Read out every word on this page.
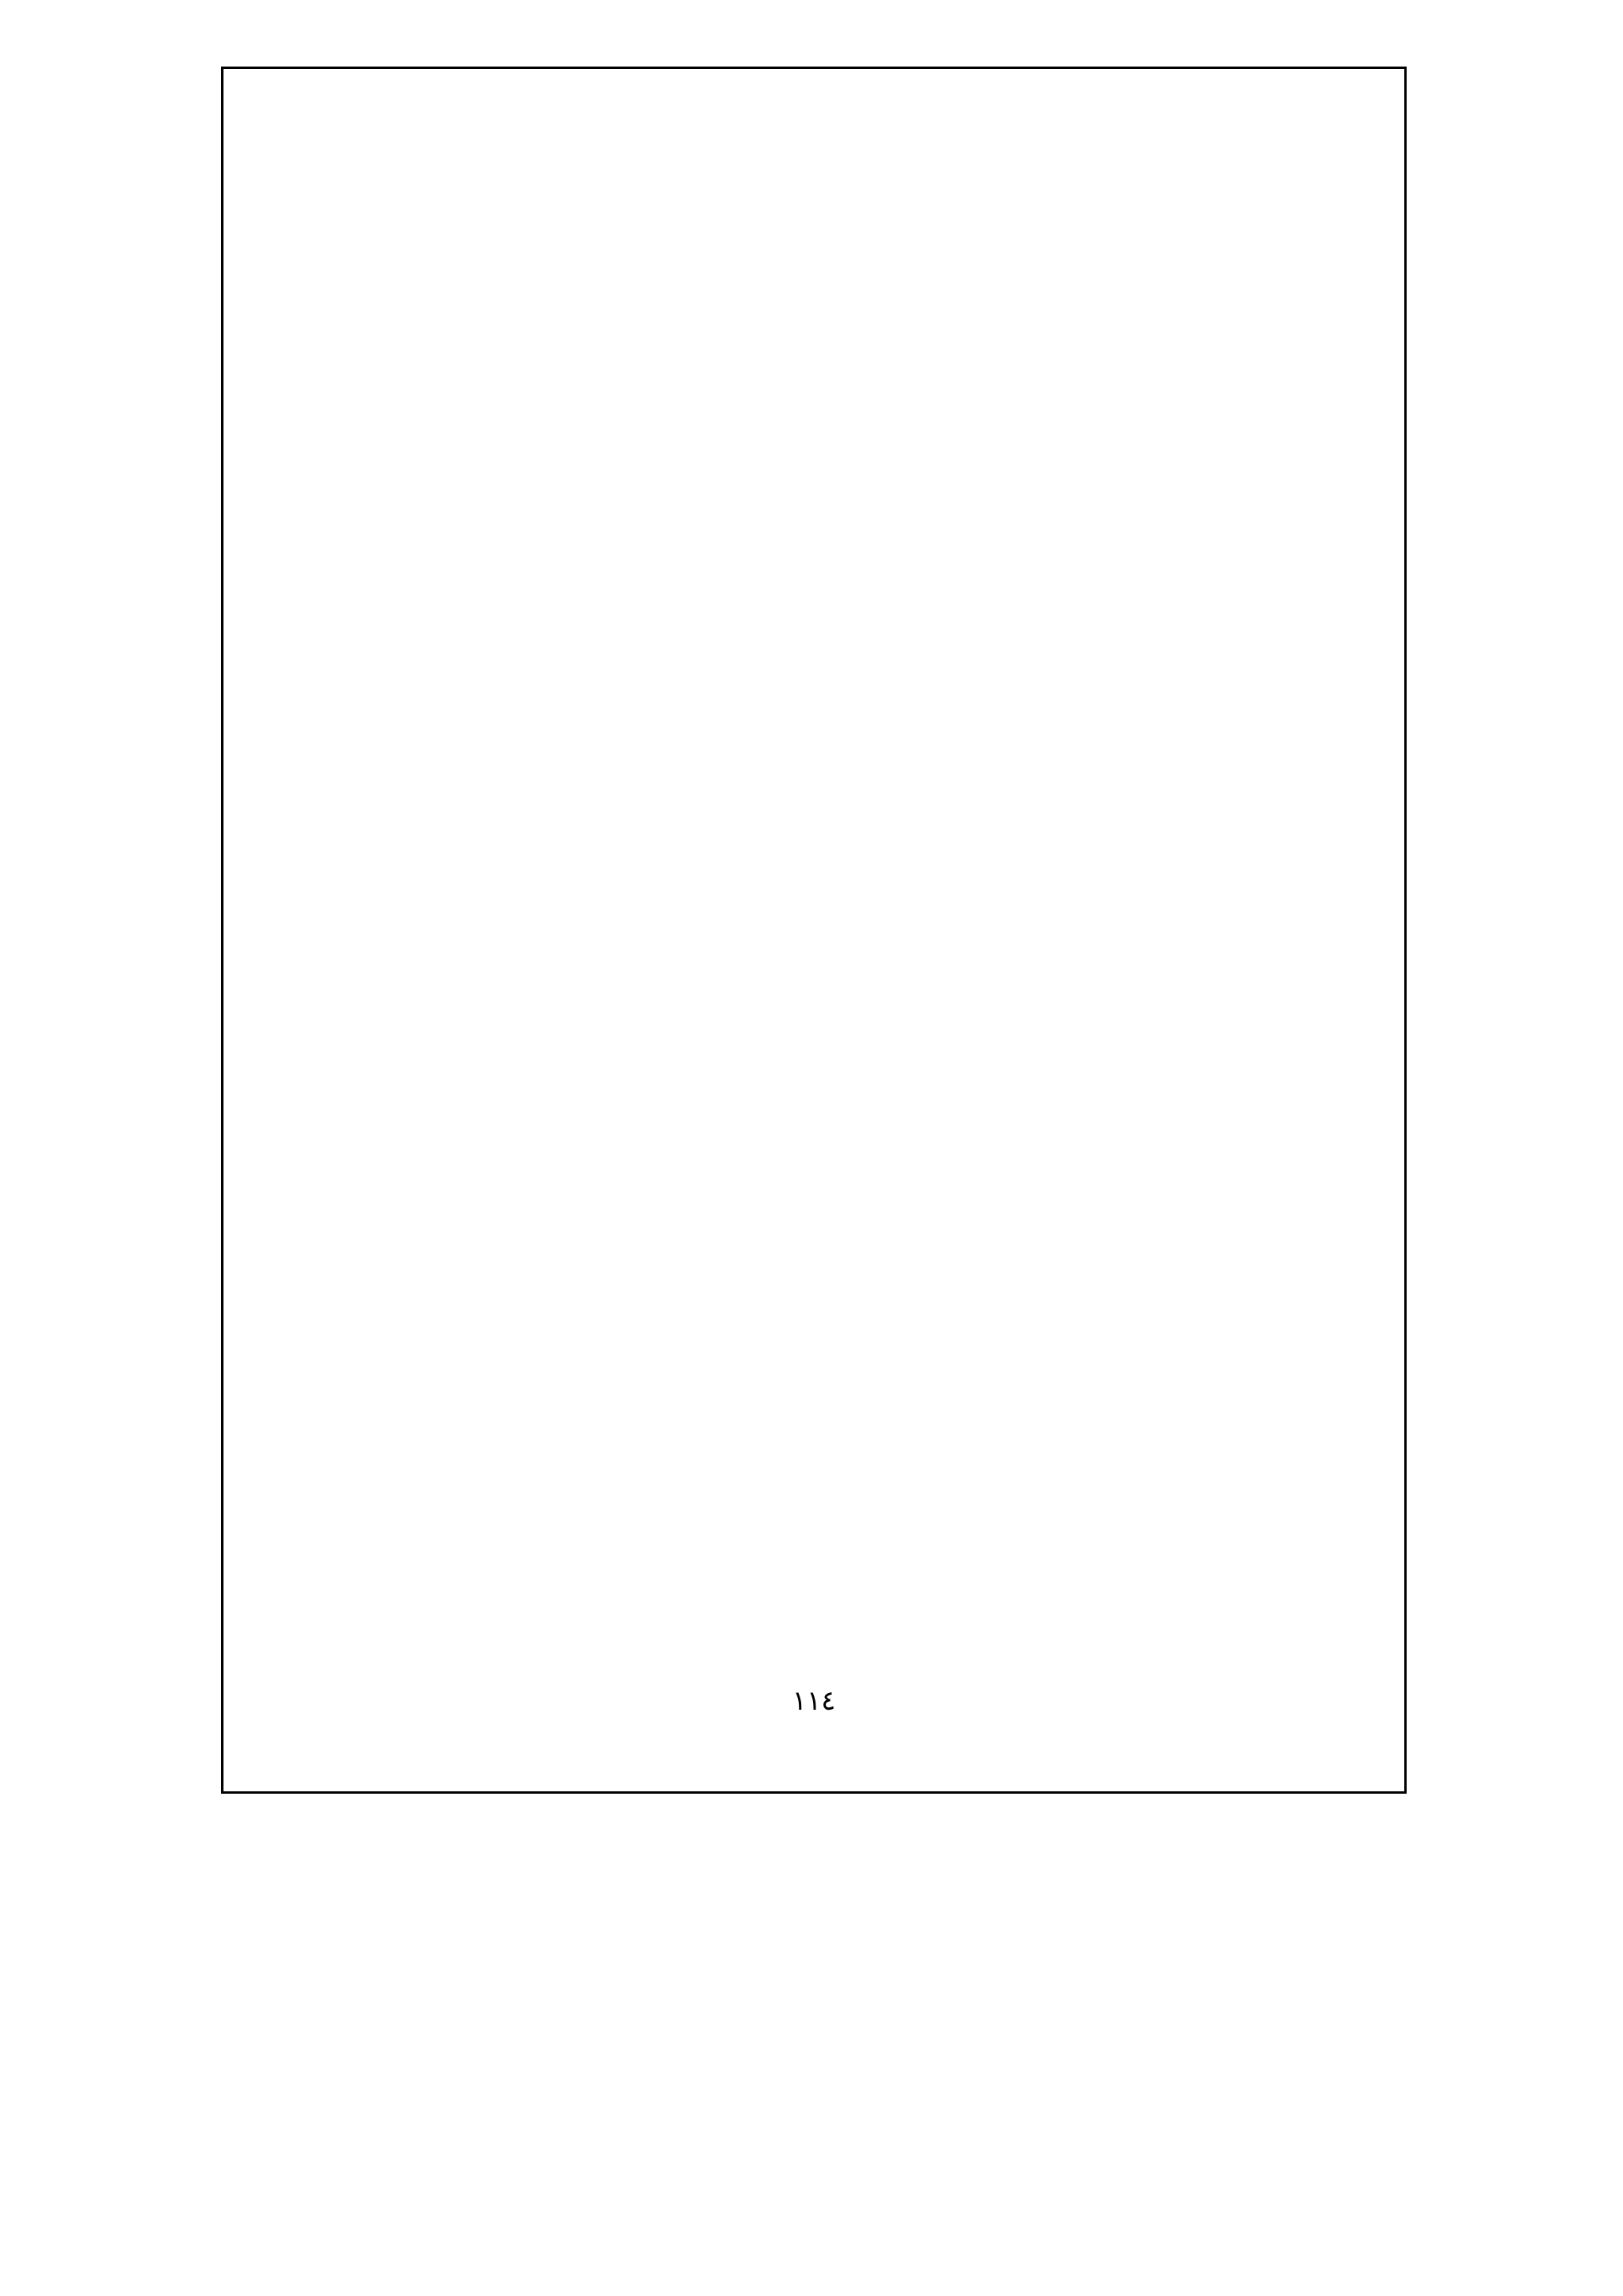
١١٤
